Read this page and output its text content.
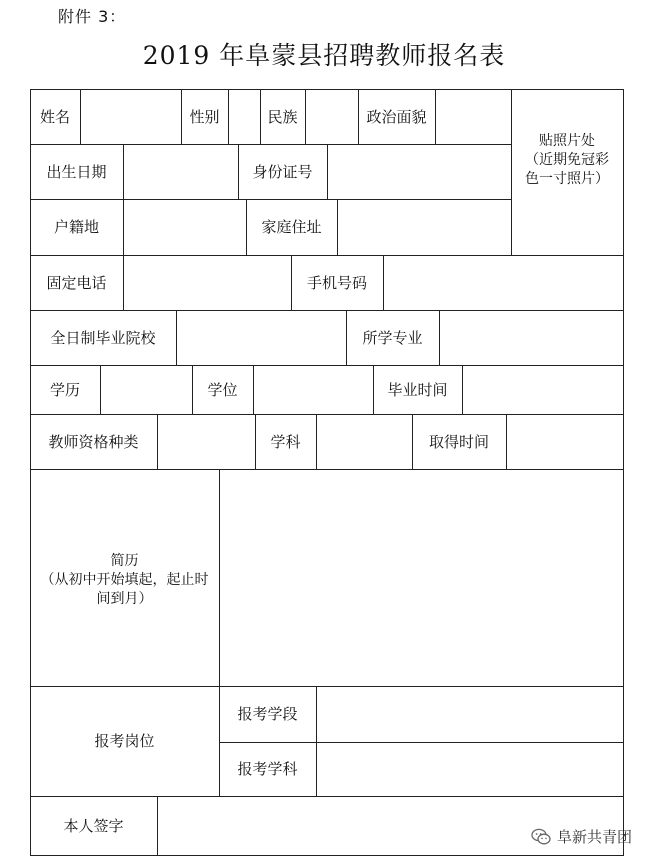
附件 3：
2019 年阜蒙县招聘教师报名表
姓名	性别	民族	政治面貌
贴照片处
（近期免冠彩
色一寸照片）
出生日期	身份证号
户籍地	家庭住址
固定电话	手机号码
全日制毕业院校	所学专业
学历	学位	毕业时间
教师资格种类	学科	取得时间
简历
（从初中开始填起，起止时
间到月）
报考岗位
报考学段
报考学科
本人签字
阜新共青团
